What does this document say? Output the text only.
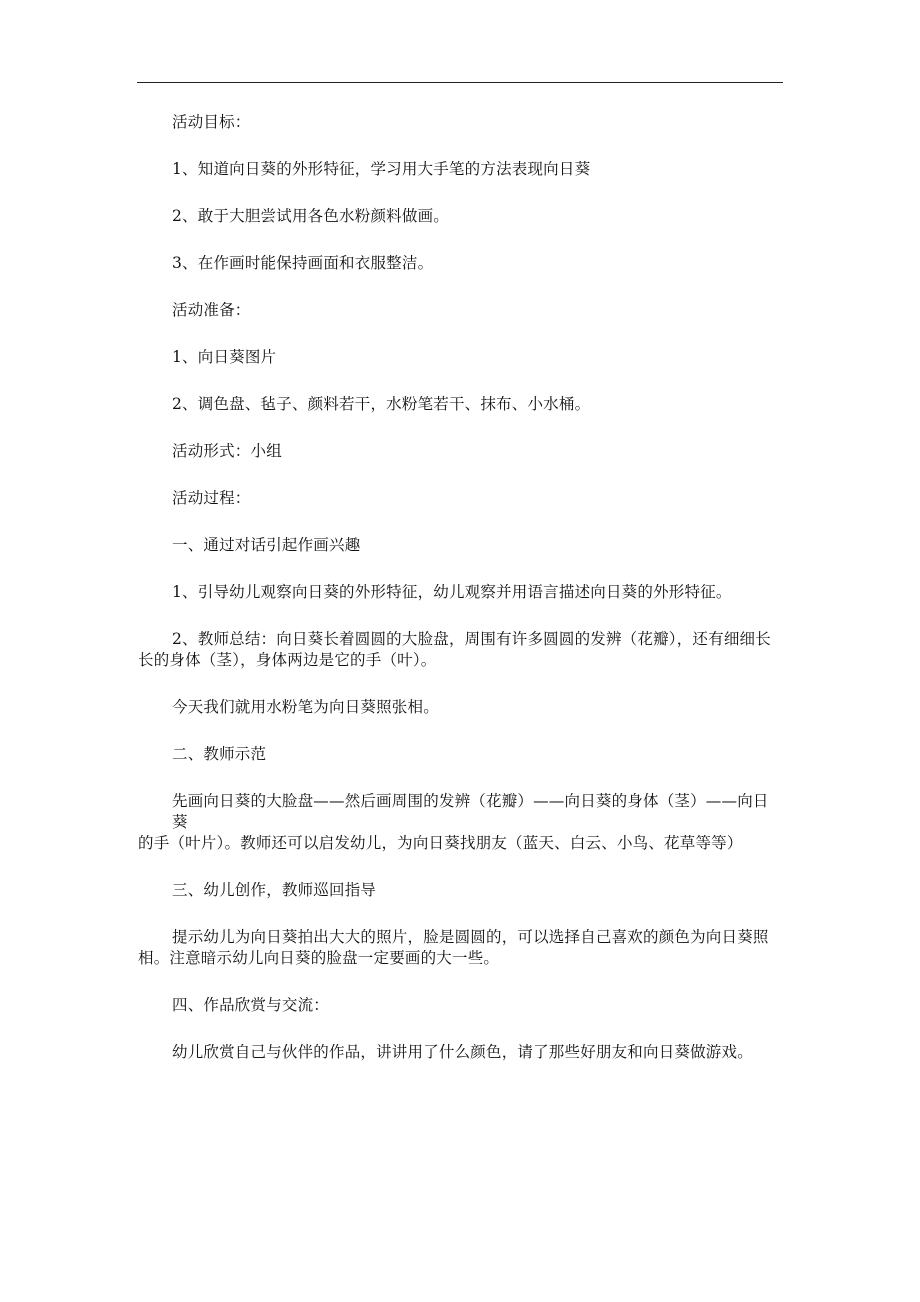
活动目标：

1、知道向日葵的外形特征，学习用大手笔的方法表现向日葵

2、敢于大胆尝试用各色水粉颜料做画。

3、在作画时能保持画面和衣服整洁。

活动准备：

1、向日葵图片

2、调色盘、毡子、颜料若干，水粉笔若干、抹布、小水桶。

活动形式：小组

活动过程：

一、通过对话引起作画兴趣

1、引导幼儿观察向日葵的外形特征，幼儿观察并用语言描述向日葵的外形特征。

2、教师总结：向日葵长着圆圆的大脸盘，周围有许多圆圆的发辨（花瓣），还有细细长
长的身体（茎），身体两边是它的手（叶）。

今天我们就用水粉笔为向日葵照张相。

二、教师示范

先画向日葵的大脸盘——然后画周围的发辨（花瓣）——向日葵的身体（茎）——向日葵
的手（叶片）。教师还可以启发幼儿，为向日葵找朋友（蓝天、白云、小鸟、花草等等）

三、幼儿创作，教师巡回指导

提示幼儿为向日葵拍出大大的照片，脸是圆圆的，可以选择自己喜欢的颜色为向日葵照
相。注意暗示幼儿向日葵的脸盘一定要画的大一些。

四、作品欣赏与交流：

幼儿欣赏自己与伙伴的作品，讲讲用了什么颜色，请了那些好朋友和向日葵做游戏。
